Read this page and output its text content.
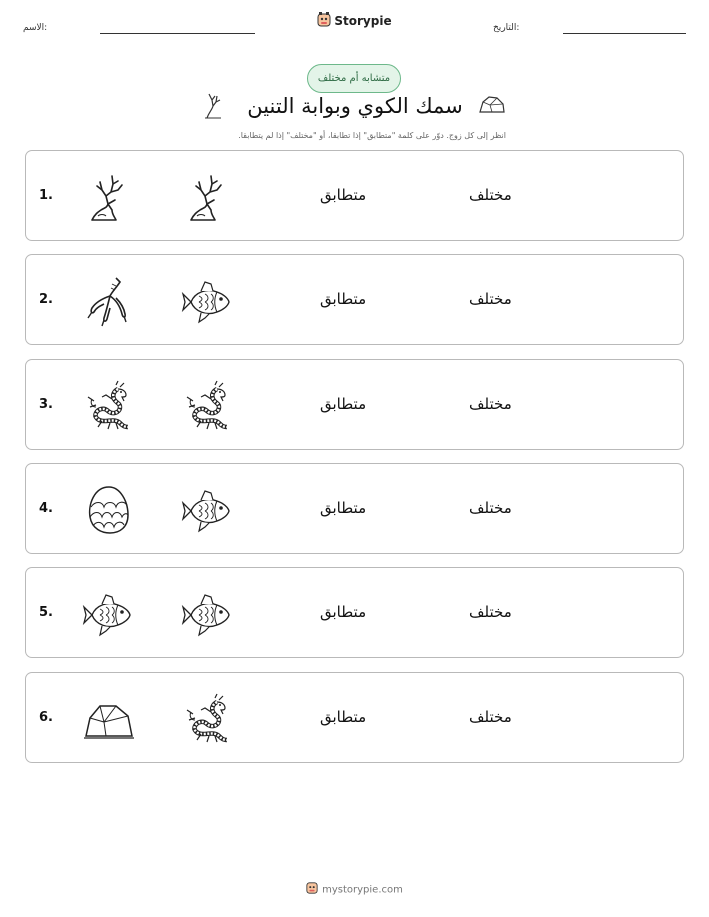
الاسم:	Storypie	التاريخ:
متشابه أم مختلف
سمك الكوي وبوابة التنين
انظر إلى كل زوج. دوّر على كلمة "متطابق" إذا تطابقا، أو "مختلف" إذا لم يتطابقا.
1.	متطابق	مختلف
2.	متطابق	مختلف
3.	متطابق	مختلف
4.	متطابق	مختلف
5.	متطابق	مختلف
6.	متطابق	مختلف
mystorypie.com
